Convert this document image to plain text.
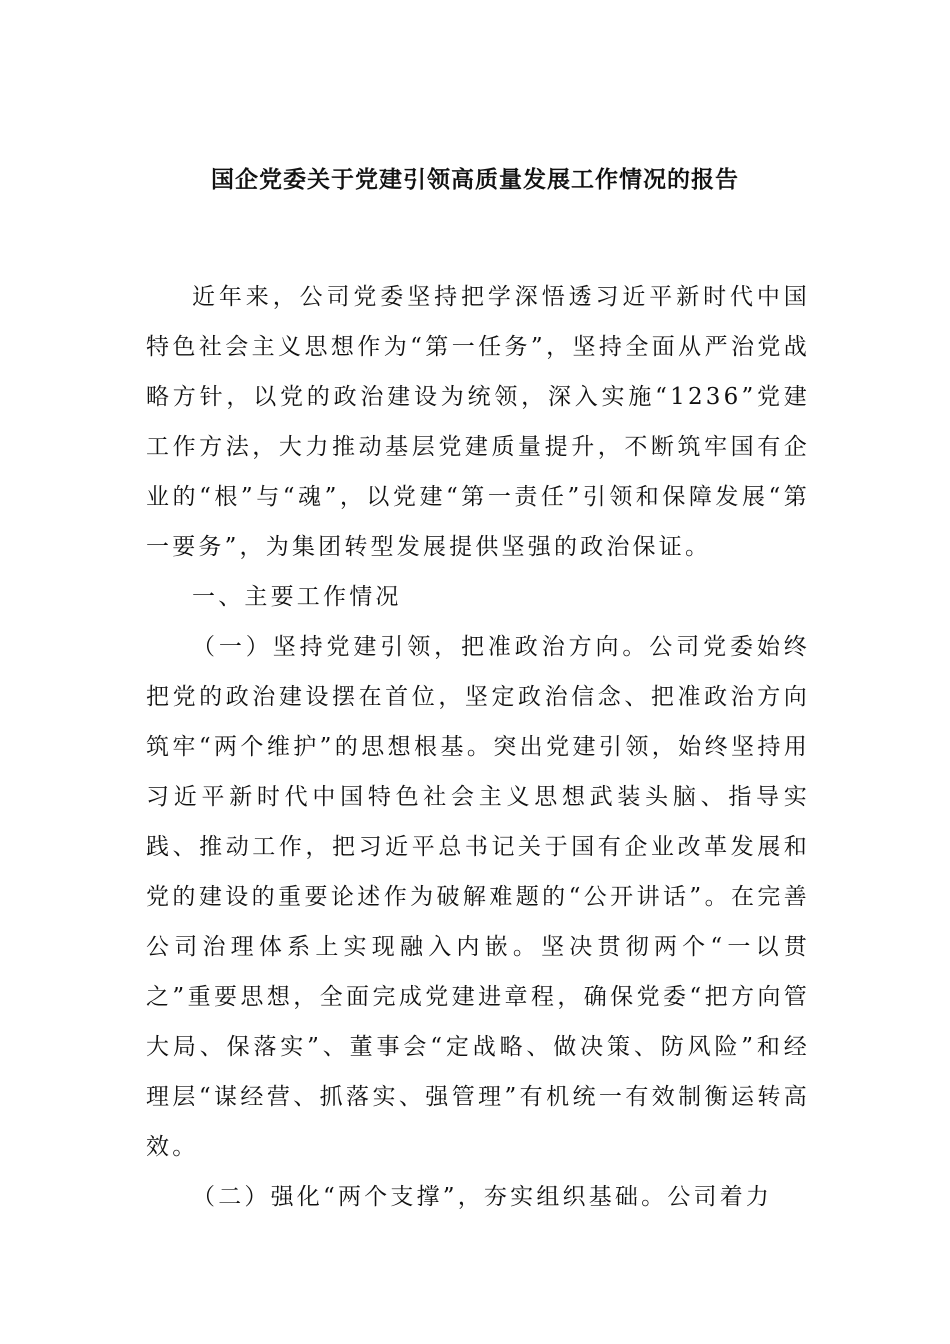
国企党委关于党建引领高质量发展工作情况的报告

近年来，公司党委坚持把学深悟透习近平新时代中国特色社会主义思想作为“第一任务”，坚持全面从严治党战略方针，以党的政治建设为统领，深入实施“1236”党建工作方法，大力推动基层党建质量提升，不断筑牢国有企业的“根”与“魂”，以党建“第一责任”引领和保障发展“第一要务”，为集团转型发展提供坚强的政治保证。

一、主要工作情况

（一）坚持党建引领，把准政治方向。公司党委始终把党的政治建设摆在首位，坚定政治信念、把准政治方向筑牢“两个维护”的思想根基。突出党建引领，始终坚持用习近平新时代中国特色社会主义思想武装头脑、指导实践、推动工作，把习近平总书记关于国有企业改革发展和党的建设的重要论述作为破解难题的“公开讲话”。在完善公司治理体系上实现融入内嵌。坚决贯彻两个“一以贯之”重要思想，全面完成党建进章程，确保党委“把方向管大局、保落实”、董事会“定战略、做决策、防风险”和经理层“谋经营、抓落实、强管理”有机统一有效制衡运转高效。

（二）强化“两个支撑”，夯实组织基础。公司着力
